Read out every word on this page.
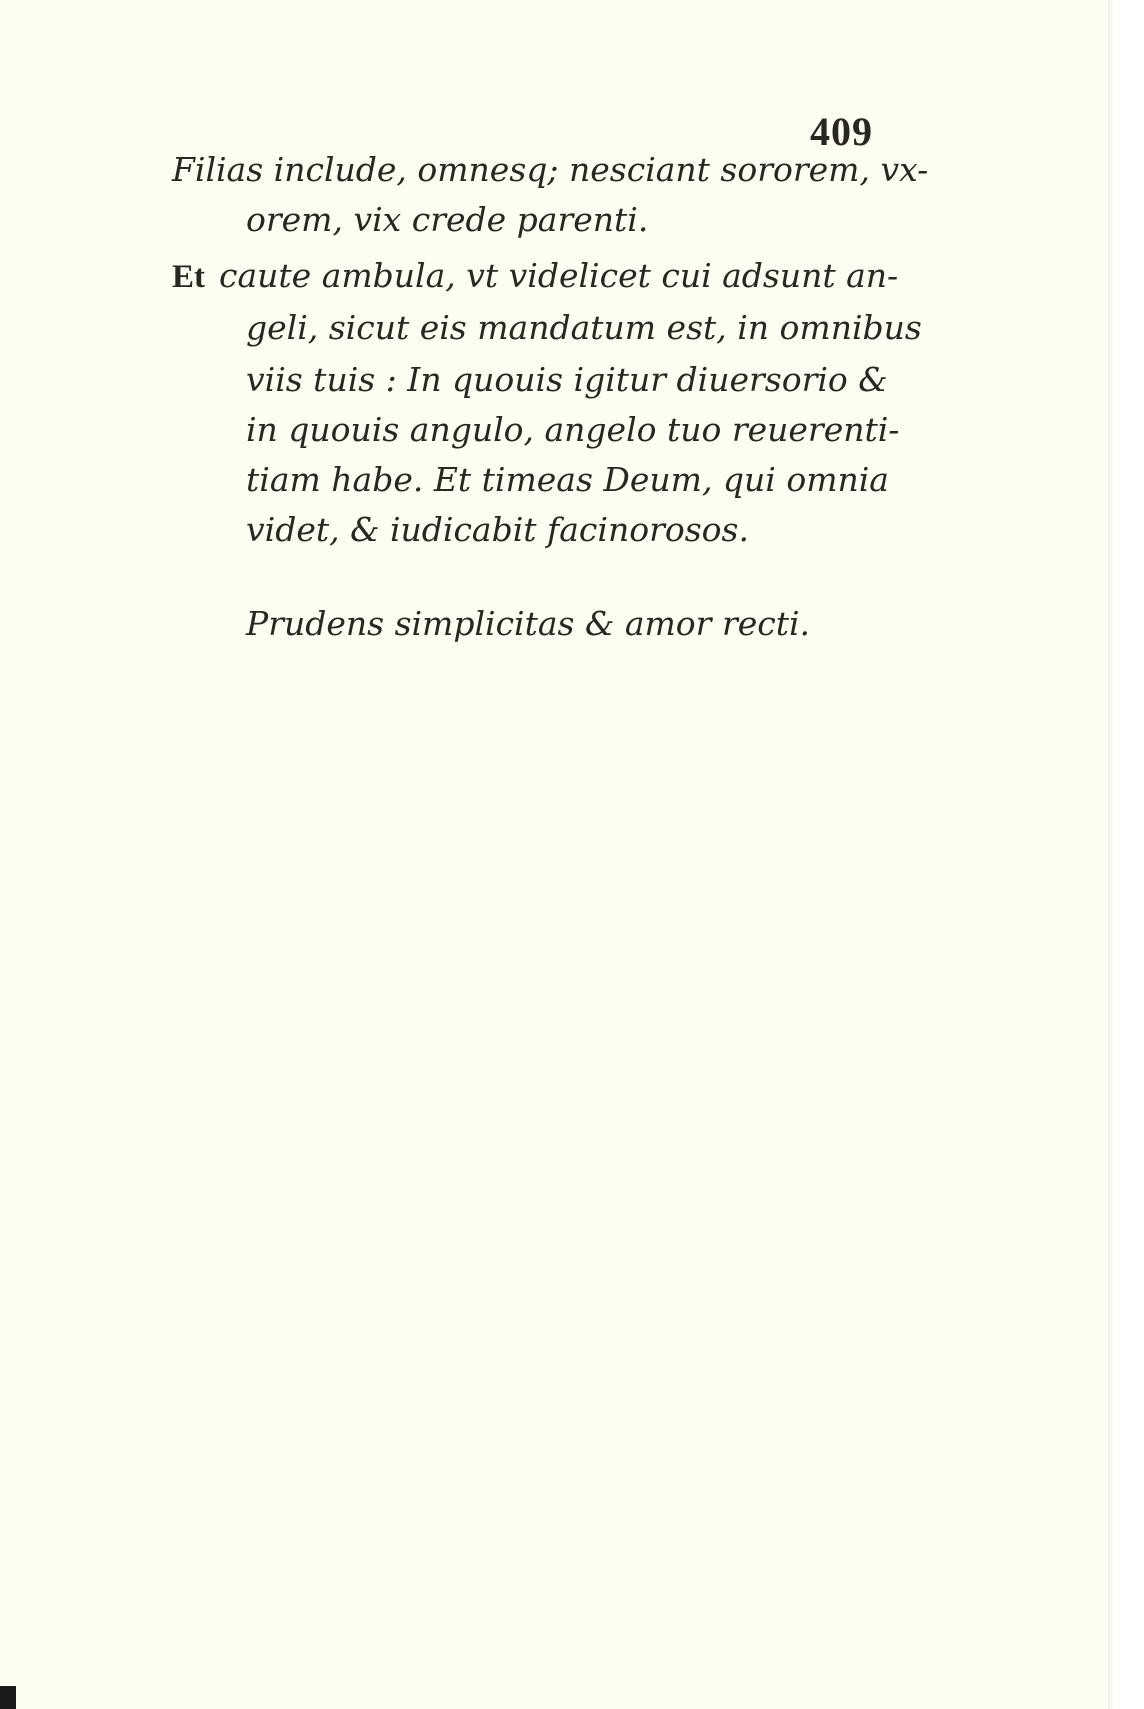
409
Filias include, omnesq; nesciant sororem, vx-
orem, vix crede parenti.
Et caute ambula, vt videlicet cui adsunt an-
geli, sicut eis mandatum est, in omnibus
viis tuis : In quouis igitur diuersorio &
in quouis angulo, angelo tuo reuerenti-
tiam habe. Et timeas Deum, qui omnia
videt, & iudicabit facinorosos.
Prudens simplicitas & amor recti.
